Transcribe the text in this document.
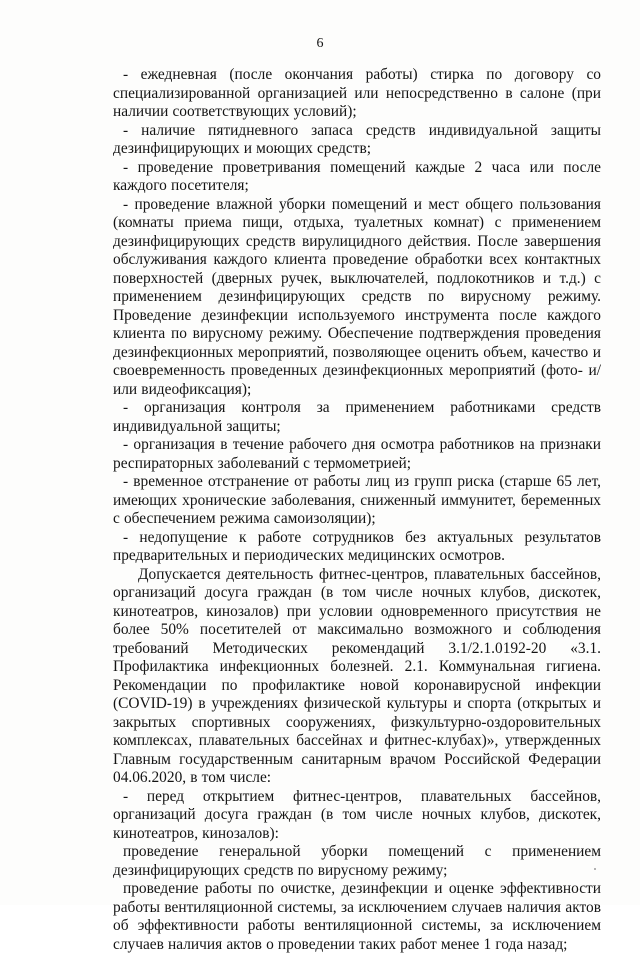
6

- ежедневная (после окончания работы) стирка по договору со специализированной организацией или непосредственно в салоне (при наличии соответствующих условий);

- наличие пятидневного запаса средств индивидуальной защиты дезинфицирующих и моющих средств;

- проведение проветривания помещений каждые 2 часа или после каждого посетителя;

- проведение влажной уборки помещений и мест общего пользования (комнаты приема пищи, отдыха, туалетных комнат) с применением дезинфицирующих средств вирулицидного действия. После завершения обслуживания каждого клиента проведение обработки всех контактных поверхностей (дверных ручек, выключателей, подлокотников и т.д.) с применением дезинфицирующих средств по вирусному режиму. Проведение дезинфекции используемого инструмента после каждого клиента по вирусному режиму. Обеспечение подтверждения проведения дезинфекционных мероприятий, позволяющее оценить объем, качество и своевременность проведенных дезинфекционных мероприятий (фото- и/или видеофиксация);

- организация контроля за применением работниками средств индивидуальной защиты;

- организация в течение рабочего дня осмотра работников на признаки респираторных заболеваний с термометрией;

- временное отстранение от работы лиц из групп риска (старше 65 лет, имеющих хронические заболевания, сниженный иммунитет, беременных с обеспечением режима самоизоляции);

- недопущение к работе сотрудников без актуальных результатов предварительных и периодических медицинских осмотров.

Допускается деятельность фитнес-центров, плавательных бассейнов, организаций досуга граждан (в том числе ночных клубов, дискотек, кинотеатров, кинозалов) при условии одновременного присутствия не более 50% посетителей от максимально возможного и соблюдения требований Методических рекомендаций 3.1/2.1.0192-20 «3.1. Профилактика инфекционных болезней. 2.1. Коммунальная гигиена. Рекомендации по профилактике новой коронавирусной инфекции (COVID-19) в учреждениях физической культуры и спорта (открытых и закрытых спортивных сооружениях, физкультурно-оздоровительных комплексах, плавательных бассейнах и фитнес-клубах)», утвержденных Главным государственным санитарным врачом Российской Федерации 04.06.2020, в том числе:

- перед открытием фитнес-центров, плавательных бассейнов, организаций досуга граждан (в том числе ночных клубов, дискотек, кинотеатров, кинозалов):

проведение генеральной уборки помещений с применением дезинфицирующих средств по вирусному режиму;

проведение работы по очистке, дезинфекции и оценке эффективности работы вентиляционной системы, за исключением случаев наличия актов об эффективности работы вентиляционной системы, за исключением случаев наличия актов о проведении таких работ менее 1 года назад;
